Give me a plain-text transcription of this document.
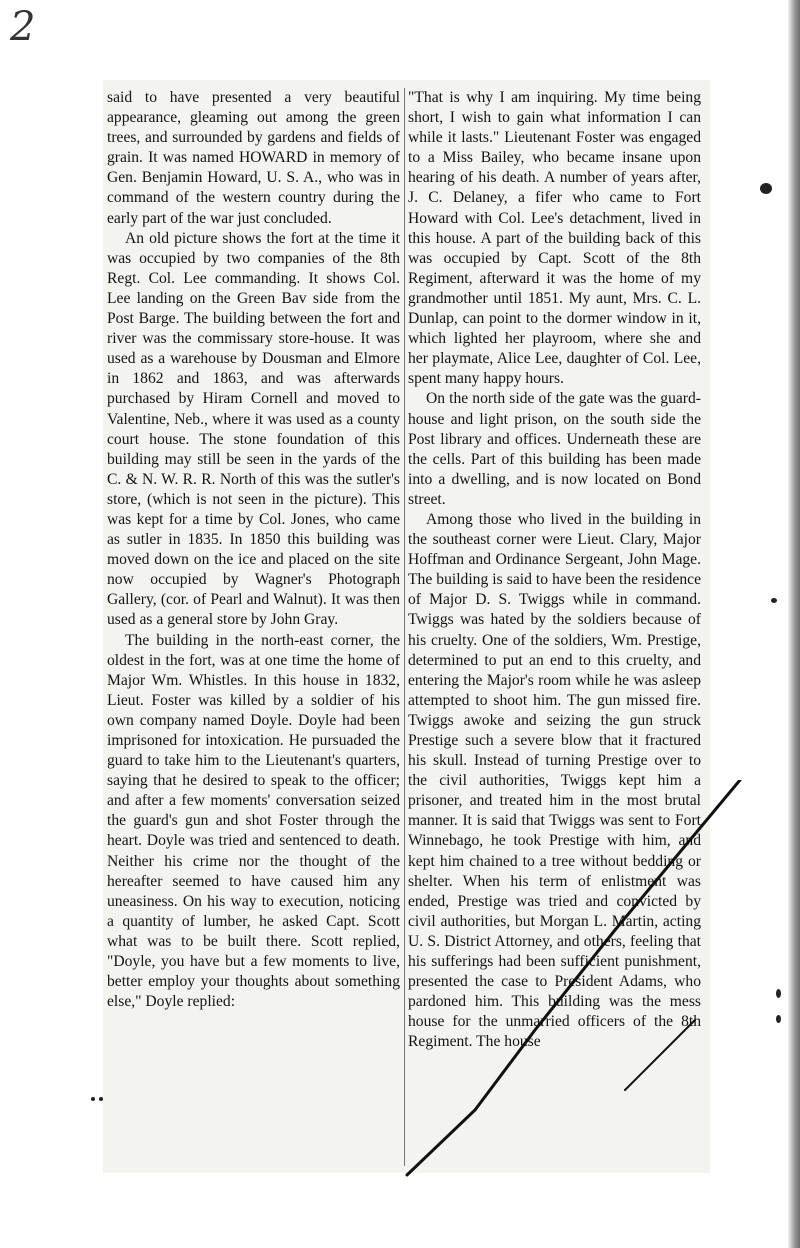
2

said to have presented a very beautiful appearance, gleaming out among the green trees, and surrounded by gardens and fields of grain. It was named HOWARD in memory of Gen. Benjamin Howard, U. S. A., who was in command of the western country during the early part of the war just concluded.

An old picture shows the fort at the time it was occupied by two companies of the 8th Regt. Col. Lee commanding. It shows Col. Lee landing on the Green Bav side from the Post Barge. The building between the fort and river was the commissary store-house. It was used as a warehouse by Dousman and Elmore in 1862 and 1863, and was afterwards purchased by Hiram Cornell and moved to Valentine, Neb., where it was used as a county court house. The stone foundation of this building may still be seen in the yards of the C. & N. W. R. R. North of this was the sutler's store, (which is not seen in the picture). This was kept for a time by Col. Jones, who came as sutler in 1835. In 1850 this building was moved down on the ice and placed on the site now occupied by Wagner's Photograph Gallery, (cor. of Pearl and Walnut). It was then used as a general store by John Gray.

The building in the north-east corner, the oldest in the fort, was at one time the home of Major Wm. Whistles. In this house in 1832, Lieut. Foster was killed by a soldier of his own company named Doyle. Doyle had been imprisoned for intoxication. He pursuaded the guard to take him to the Lieutenant's quarters, saying that he desired to speak to the officer; and after a few moments' conversation seized the guard's gun and shot Foster through the heart. Doyle was tried and sentenced to death. Neither his crime nor the thought of the hereafter seemed to have caused him any uneasiness. On his way to execution, noticing a quantity of lumber, he asked Capt. Scott what was to be built there. Scott replied, "Doyle, you have but a few moments to live, better employ your thoughts about something else," Doyle replied:

"That is why I am inquiring. My time being short, I wish to gain what information I can while it lasts." Lieutenant Foster was engaged to a Miss Bailey, who became insane upon hearing of his death. A number of years after, J. C. Delaney, a fifer who came to Fort Howard with Col. Lee's detachment, lived in this house. A part of the building back of this was occupied by Capt. Scott of the 8th Regiment, afterward it was the home of my grandmother until 1851. My aunt, Mrs. C. L. Dunlap, can point to the dormer window in it, which lighted her playroom, where she and her playmate, Alice Lee, daughter of Col. Lee, spent many happy hours.

On the north side of the gate was the guard-house and light prison, on the south side the Post library and offices. Underneath these are the cells. Part of this building has been made into a dwelling, and is now located on Bond street.

Among those who lived in the building in the southeast corner were Lieut. Clary, Major Hoffman and Ordinance Sergeant, John Mage. The building is said to have been the residence of Major D. S. Twiggs while in command. Twiggs was hated by the soldiers because of his cruelty. One of the soldiers, Wm. Prestige, determined to put an end to this cruelty, and entering the Major's room while he was asleep attempted to shoot him. The gun missed fire. Twiggs awoke and seizing the gun struck Prestige such a severe blow that it fractured his skull. Instead of turning Prestige over to the civil authorities, Twiggs kept him a prisoner, and treated him in the most brutal manner. It is said that Twiggs was sent to Fort Winnebago, he took Prestige with him, and kept him chained to a tree without bedding or shelter. When his term of enlistment was ended, Prestige was tried and convicted by civil authorities, but Morgan L. Martin, acting U. S. District Attorney, and others, feeling that his sufferings had been sufficient punishment, presented the case to President Adams, who pardoned him. This building was the mess house for the unmarried officers of the 8th Regiment. The house
